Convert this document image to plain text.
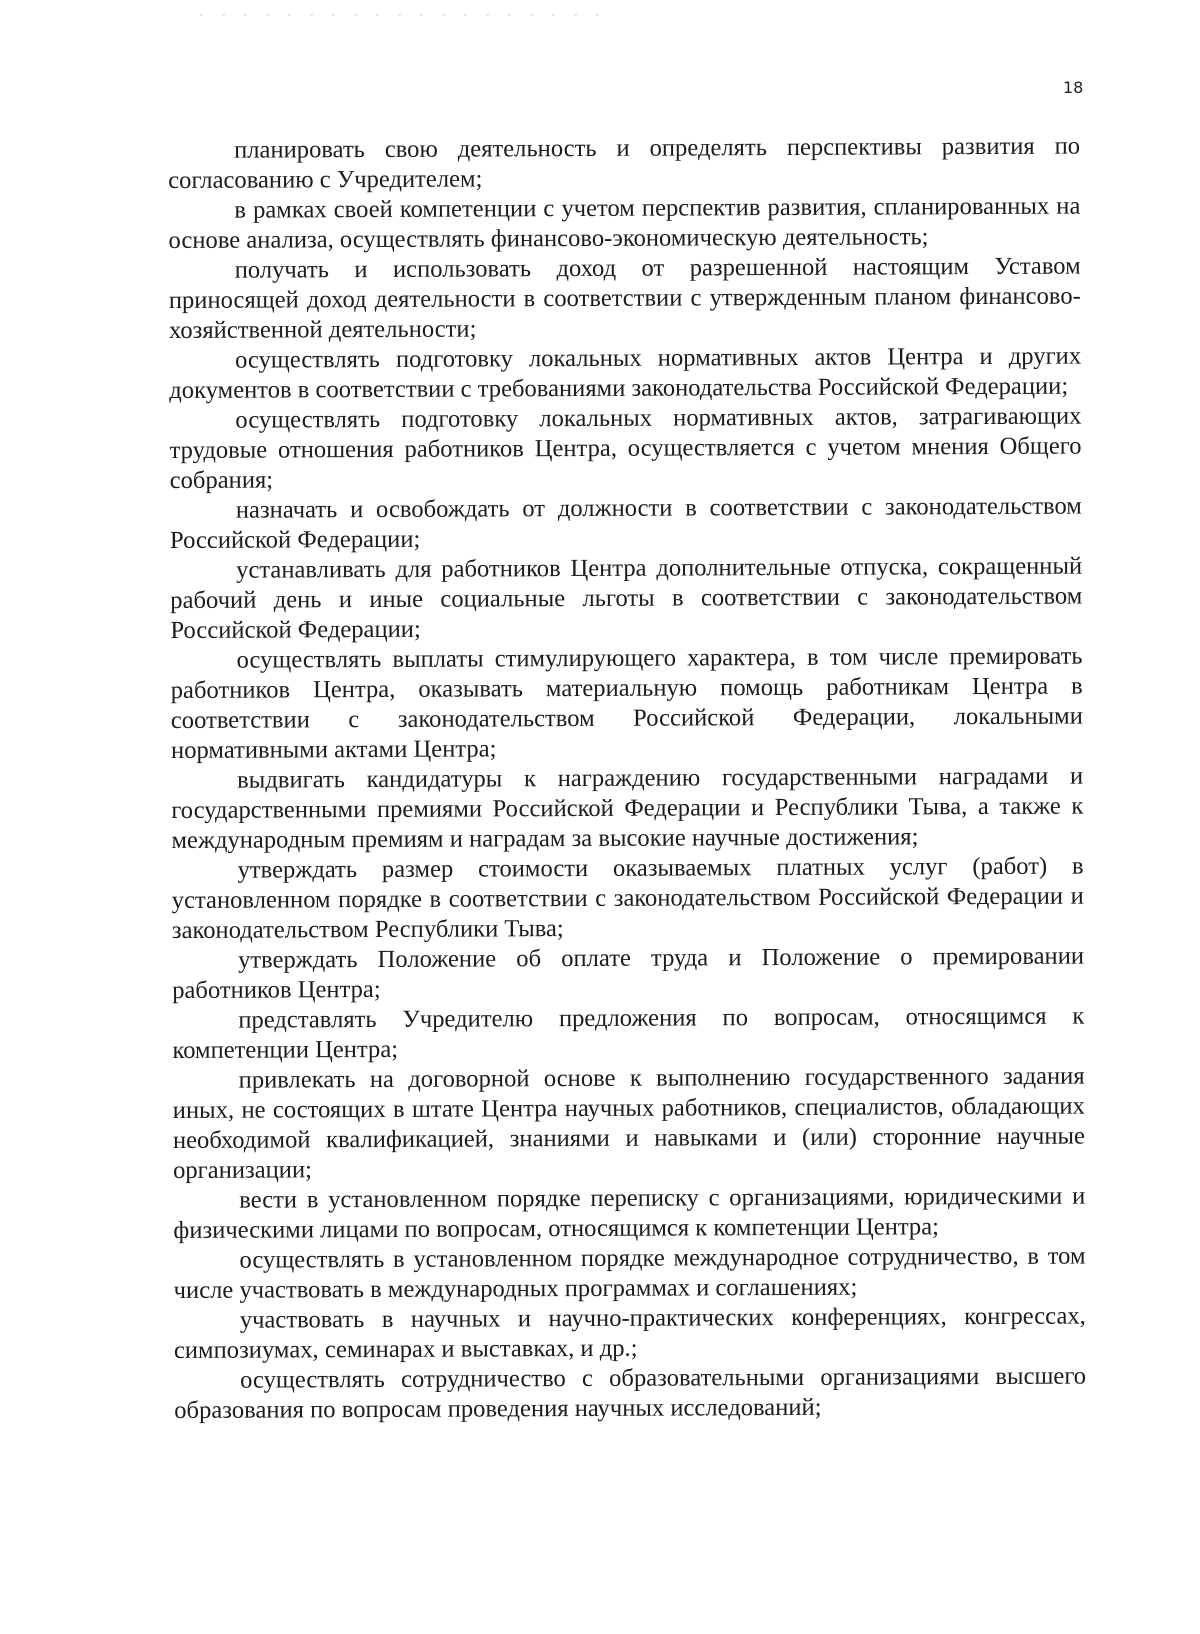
18

планировать свою деятельность и определять перспективы развития по согласованию с Учредителем;

в рамках своей компетенции с учетом перспектив развития, спланированных на основе анализа, осуществлять финансово-экономическую деятельность;

получать и использовать доход от разрешенной настоящим Уставом приносящей доход деятельности в соответствии с утвержденным планом финансово-хозяйственной деятельности;

осуществлять подготовку локальных нормативных актов Центра и других документов в соответствии с требованиями законодательства Российской Федерации;

осуществлять подготовку локальных нормативных актов, затрагивающих трудовые отношения работников Центра, осуществляется с учетом мнения Общего собрания;

назначать и освобождать от должности в соответствии с законодательством Российской Федерации;

устанавливать для работников Центра дополнительные отпуска, сокращенный рабочий день и иные социальные льготы в соответствии с законодательством Российской Федерации;

осуществлять выплаты стимулирующего характера, в том числе премировать работников Центра, оказывать материальную помощь работникам Центра в соответствии с законодательством Российской Федерации, локальными нормативными актами Центра;

выдвигать кандидатуры к награждению государственными наградами и государственными премиями Российской Федерации и Республики Тыва, а также к международным премиям и наградам за высокие научные достижения;

утверждать размер стоимости оказываемых платных услуг (работ) в установленном порядке в соответствии с законодательством Российской Федерации и законодательством Республики Тыва;

утверждать Положение об оплате труда и Положение о премировании работников Центра;

представлять Учредителю предложения по вопросам, относящимся к компетенции Центра;

привлекать на договорной основе к выполнению государственного задания иных, не состоящих в штате Центра научных работников, специалистов, обладающих необходимой квалификацией, знаниями и навыками и (или) сторонние научные организации;

вести в установленном порядке переписку с организациями, юридическими и физическими лицами по вопросам, относящимся к компетенции Центра;

осуществлять в установленном порядке международное сотрудничество, в том числе участвовать в международных программах и соглашениях;

участвовать в научных и научно-практических конференциях, конгрессах, симпозиумах, семинарах и выставках, и др.;

осуществлять сотрудничество с образовательными организациями высшего образования по вопросам проведения научных исследований;
